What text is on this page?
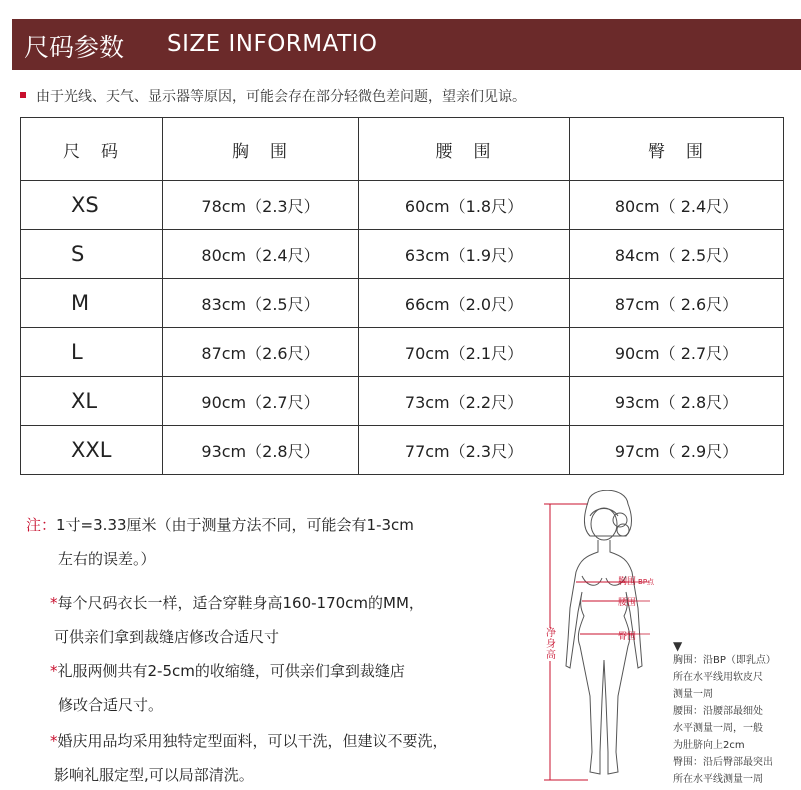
尺码参数 SIZE INFORMATIO
由于光线、天气、显示器等原因，可能会存在部分轻微色差问题，望亲们见谅。
尺　码	胸　围	腰　围	臀　围
XS	78cm（2.3尺）	60cm（1.8尺）	80cm（ 2.4尺）
S	80cm（2.4尺）	63cm（1.9尺）	84cm（ 2.5尺）
M	83cm（2.5尺）	66cm（2.0尺）	87cm（ 2.6尺）
L	87cm（2.6尺）	70cm（2.1尺）	90cm（ 2.7尺）
XL	90cm（2.7尺）	73cm（2.2尺）	93cm（ 2.8尺）
XXL	93cm（2.8尺）	77cm（2.3尺）	97cm（ 2.9尺）
注：1寸=3.33厘米（由于测量方法不同，可能会有1-3cm
左右的误差。）
*每个尺码衣长一样，适合穿鞋身高160-170cm的MM，
可供亲们拿到裁缝店修改合适尺寸
*礼服两侧共有2-5cm的收缩缝，可供亲们拿到裁缝店
修改合适尺寸。
*婚庆用品均采用独特定型面料，可以干洗，但建议不要洗，
影响礼服定型,可以局部清洗。
净身高
胸围 BP点
腰围
臀围
▼
胸围：沿BP（即乳点）
所在水平线用软皮尺
测量一周
腰围：沿腰部最细处
水平测量一周，一般
为肚脐向上2cm
臀围：沿后臀部最突出
所在水平线测量一周
